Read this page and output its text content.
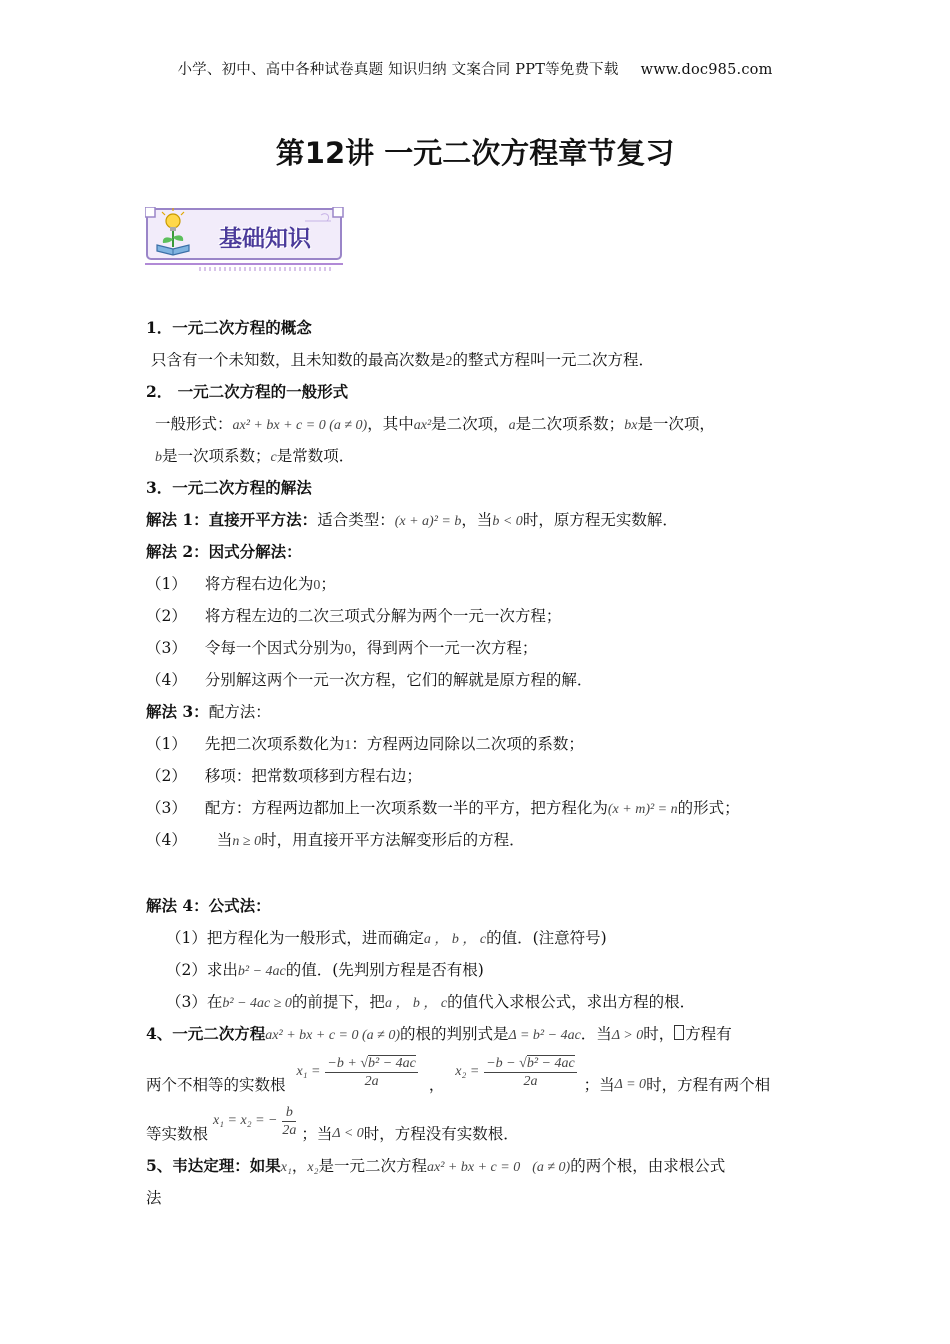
小学、初中、高中各种试卷真题 知识归纳 文案合同 PPT等免费下载 www.doc985.com
第12讲 一元二次方程章节复习
基础知识
1．一元二次方程的概念
只含有一个未知数，且未知数的最高次数是2的整式方程叫一元二次方程．
2． 一元二次方程的一般形式
一般形式：ax² + bx + c = 0 (a ≠ 0)，其中ax²是二次项，a是二次项系数；bx是一次项，
b是一次项系数；c是常数项．
3．一元二次方程的解法
解法 1：直接开平方法：适合类型：(x + a)² = b，当b < 0时，原方程无实数解．
解法 2：因式分解法：
（1） 将方程右边化为0；
（2） 将方程左边的二次三项式分解为两个一元一次方程；
（3） 令每一个因式分别为0，得到两个一元一次方程；
（4） 分别解这两个一元一次方程，它们的解就是原方程的解．
解法 3：配方法：
（1） 先把二次项系数化为1：方程两边同除以二次项的系数；
（2） 移项：把常数项移到方程右边；
（3） 配方：方程两边都加上一次项系数一半的平方，把方程化为(x + m)² = n的形式；
（4） 当n ≥ 0时，用直接开平方法解变形后的方程．
解法 4：公式法：
（1）把方程化为一般形式，进而确定a ， b ， c的值．(注意符号)
（2）求出b² − 4ac的值．(先判别方程是否有根)
（3）在b² − 4ac ≥ 0的前提下，把a ， b ， c的值代入求根公式，求出方程的根．
4、一元二次方程ax² + bx + c = 0 (a ≠ 0)的根的判别式是Δ = b² − 4ac．当Δ > 0时， 方程有
两个不相等的实数根 $x_1 = \frac{\text{−b + √b² − 4ac}}{2a}$ ， $x_2 = \frac{\text{−b − √b² − 4ac}}{2a}$ ；当Δ = 0时，方程有两个相
等实数根 x₁ = x₂ = − $\frac{b}{2a}$ ；当Δ < 0时，方程没有实数根．
5、韦达定理：如果x₁，x₂是一元二次方程ax² + bx + c = 0 (a ≠ 0)的两个根，由求根公式
法
